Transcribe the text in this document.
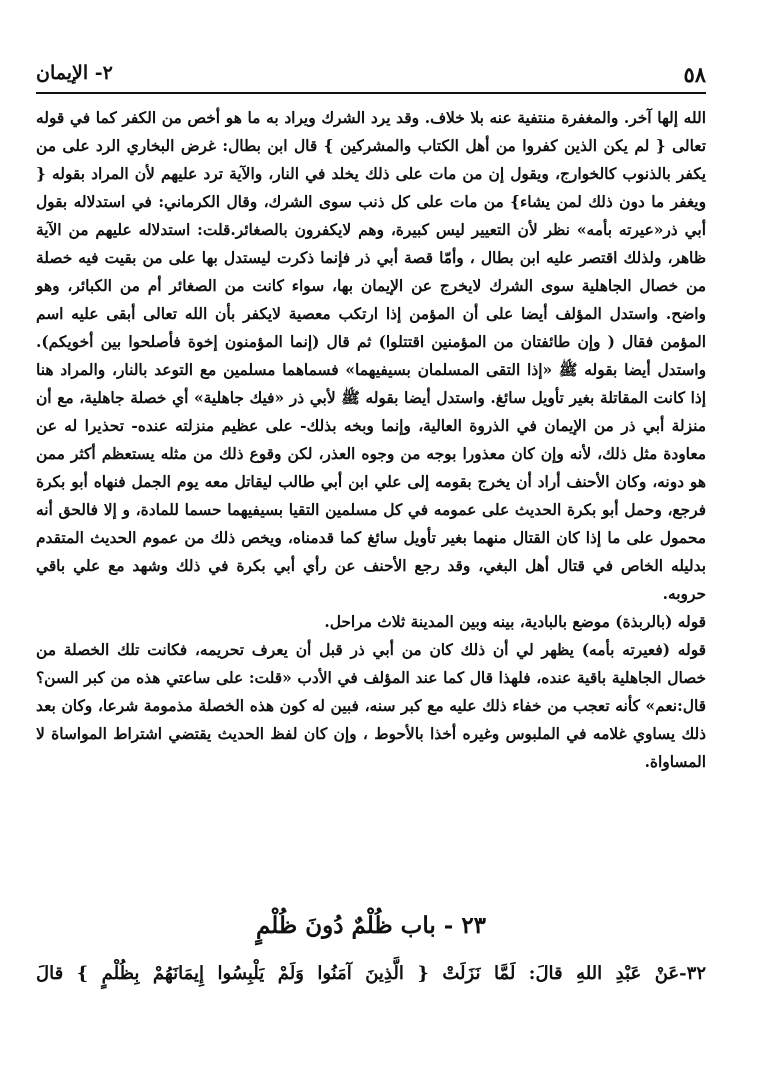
٥٨
٢- الإيمان

الله إلها آخر. والمغفرة منتفية عنه بلا خلاف. وقد يرد الشرك ويراد به ما هو أخص من الكفر كما في قوله تعالى { لم يكن الذين كفروا من أهل الكتاب والمشركين } قال ابن بطال: غرض البخاري الرد على من يكفر بالذنوب كالخوارج، ويقول إن من مات على ذلك يخلد في النار، والآية ترد عليهم لأن المراد بقوله { ويغفر ما دون ذلك لمن يشاء} من مات على كل ذنب سوى الشرك، وقال الكرماني: في استدلاله بقول أبي ذر«عيرته بأمه» نظر لأن التعيير ليس كبيرة، وهم لايكفرون بالصغائر.قلت: استدلاله عليهم من الآية ظاهر، ولذلك اقتصر عليه ابن بطال ، وأمّا قصة أبي ذر فإنما ذكرت ليستدل بها على من بقيت فيه خصلة من خصال الجاهلية سوى الشرك لايخرج عن الإيمان بها، سواء كانت من الصغائر أم من الكبائر، وهو واضح. واستدل المؤلف أيضا على أن المؤمن إذا ارتكب معصية لايكفر بأن الله تعالى أبقى عليه اسم المؤمن فقال ( وإن طائفتان من المؤمنين اقتتلوا) ثم قال (إنما المؤمنون إخوة فأصلحوا بين أخويكم). واستدل أيضا بقوله ﷺ «إذا التقى المسلمان بسيفيهما» فسماهما مسلمين مع التوعد بالنار، والمراد هنا إذا كانت المقاتلة بغير تأويل سائغ. واستدل أيضا بقوله ﷺ لأبي ذر «فيك جاهلية» أي خصلة جاهلية، مع أن منزلة أبي ذر من الإيمان في الذروة العالية، وإنما وبخه بذلك- على عظيم منزلته عنده- تحذيرا له عن معاودة مثل ذلك، لأنه وإن كان معذورا بوجه من وجوه العذر، لكن وقوع ذلك من مثله يستعظم أكثر ممن هو دونه، وكان الأحنف أراد أن يخرج بقومه إلى علي ابن أبي طالب ليقاتل معه يوم الجمل فنهاه أبو بكرة فرجع، وحمل أبو بكرة الحديث على عمومه في كل مسلمين التقيا بسيفيهما حسما للمادة، و إلا فالحق أنه محمول على ما إذا كان القتال منهما بغير تأويل سائغ كما قدمناه، ويخص ذلك من عموم الحديث المتقدم بدليله الخاص في قتال أهل البغي، وقد رجع الأحنف عن رأي أبي بكرة في ذلك وشهد مع علي باقي حروبه.

قوله (بالربذة) موضع بالبادية، بينه وبين المدينة ثلاث مراحل.

قوله (فعيرته بأمه) يظهر لي أن ذلك كان من أبي ذر قبل أن يعرف تحريمه، فكانت تلك الخصلة من خصال الجاهلية باقية عنده، فلهذا قال كما عند المؤلف في الأدب «قلت: على ساعتي هذه من كبر السن؟ قال:نعم» كأنه تعجب من خفاء ذلك عليه مع كبر سنه، فبين له كون هذه الخصلة مذمومة شرعا، وكان بعد ذلك يساوي غلامه في الملبوس وغيره أخذا بالأحوط ، وإن كان لفظ الحديث يقتضي اشتراط المواساة لا المساواة.

٢٣ - باب ظُلْمٌ دُونَ ظُلْمٍ
٣٢-عَنْ عَبْدِ اللهِ قالَ: لَمَّا نَزَلَتْ { الَّذِينَ آمَنُوا وَلَمْ يَلْبِسُوا إِيمَانَهُمْ بِظُلْمٍ } قالَ
